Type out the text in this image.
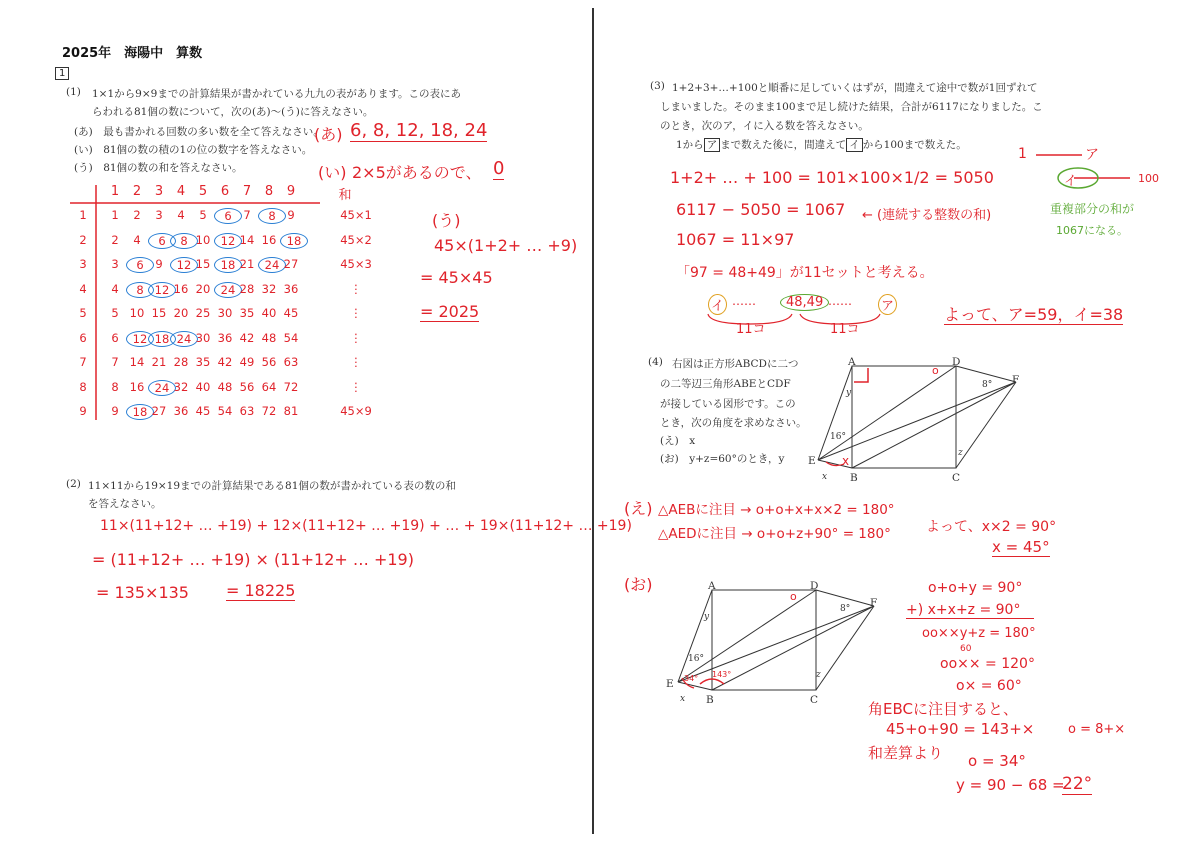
2025年　海陽中　算数
1
(1) 1×1から9×9までの計算結果が書かれている九九の表があります。この表にあ
らわれる81個の数について，次の(あ)〜(う)に答えなさい。
(あ)　最も書かれる回数の多い数を全て答えなさい。
(い)　81個の数の積の1の位の数字を答えなさい。
(う)　81個の数の和を答えなさい。
(あ) 6, 8, 12, 18, 24
(い) 2×5があるので、 0
1	2	3	4	5	6	7	8	9	和
1	1	2	3	4	5	6	7	8	9	45×1
2	2	4	6	8 10 12 14 16 18	45×2
3	3	6	9	12 15 18 21 24 27	45×3
4	4	8 12 16 20 24 28 32 36	⋮
5	5 10 15 20 25 30 35 40 45	⋮
6	6	12 18 24 30 36 42 48 54	⋮
7	7 14 21 28 35 42 49 56 63	⋮
8	8 16 24 32 40 48 56 64 72	⋮
9	9	18 27 36 45 54 63 72 81	45×9
(う)
45×(1+2+ … +9)
= 45×45
= 2025
(2) 11×11から19×19までの計算結果である81個の数が書かれている表の数の和
を答えなさい。
11×(11+12+ … +19) + 12×(11+12+ … +19) + … + 19×(11+12+ … +19)
= (11+12+ … +19) × (11+12+ … +19)
= 135×135 = 18225
(3) 1+2+3+…+100と順番に足していくはずが，間違えて途中で数が1回ずれて
しまいました。そのまま100まで足し続けた結果，合計が6117になりました。こ
のとき，次のア，イに入る数を答えなさい。
1から ア まで数えた後に，間違えて イ から100まで数えた。
1	ア
イ	100
重複部分の和が
1067になる。
1+2+ … + 100 = 101×100×1/2 = 5050
6117 − 5050 = 1067 ← (連続する整数の和)
1067 = 11×97
「97 = 48+49」が11セットと考える。
イ ……	48,49 …… ア
11コ	11コ
よって、ア=59，イ=38
(4) 右図は正方形ABCDに二つ
の二等辺三角形ABEとCDF
が接している図形です。この
とき，次の角度を求めなさい。
(え)　x
(お)　y+z=60°のとき，y
A	D
F
8°
16°
E
B	C
x
y
z
o
x
(え) △AEBに注目 → o+o+x+x×2 = 180°
△AEDに注目 → o+o+z+90° = 180°	よって、x×2 = 90°
x = 45°
(お)	A	D
F
8°
16°
E
B	C
x
y
z
o
34° 143°
o+o+y = 90°
+) x+x+z = 90°
oo××y+z = 180°
60
oo×× = 120°
o× = 60°
角EBCに注目すると、
45+o+90 = 143+×	o = 8+×
和差算より o = 34°
y = 90 − 68 =
22°
